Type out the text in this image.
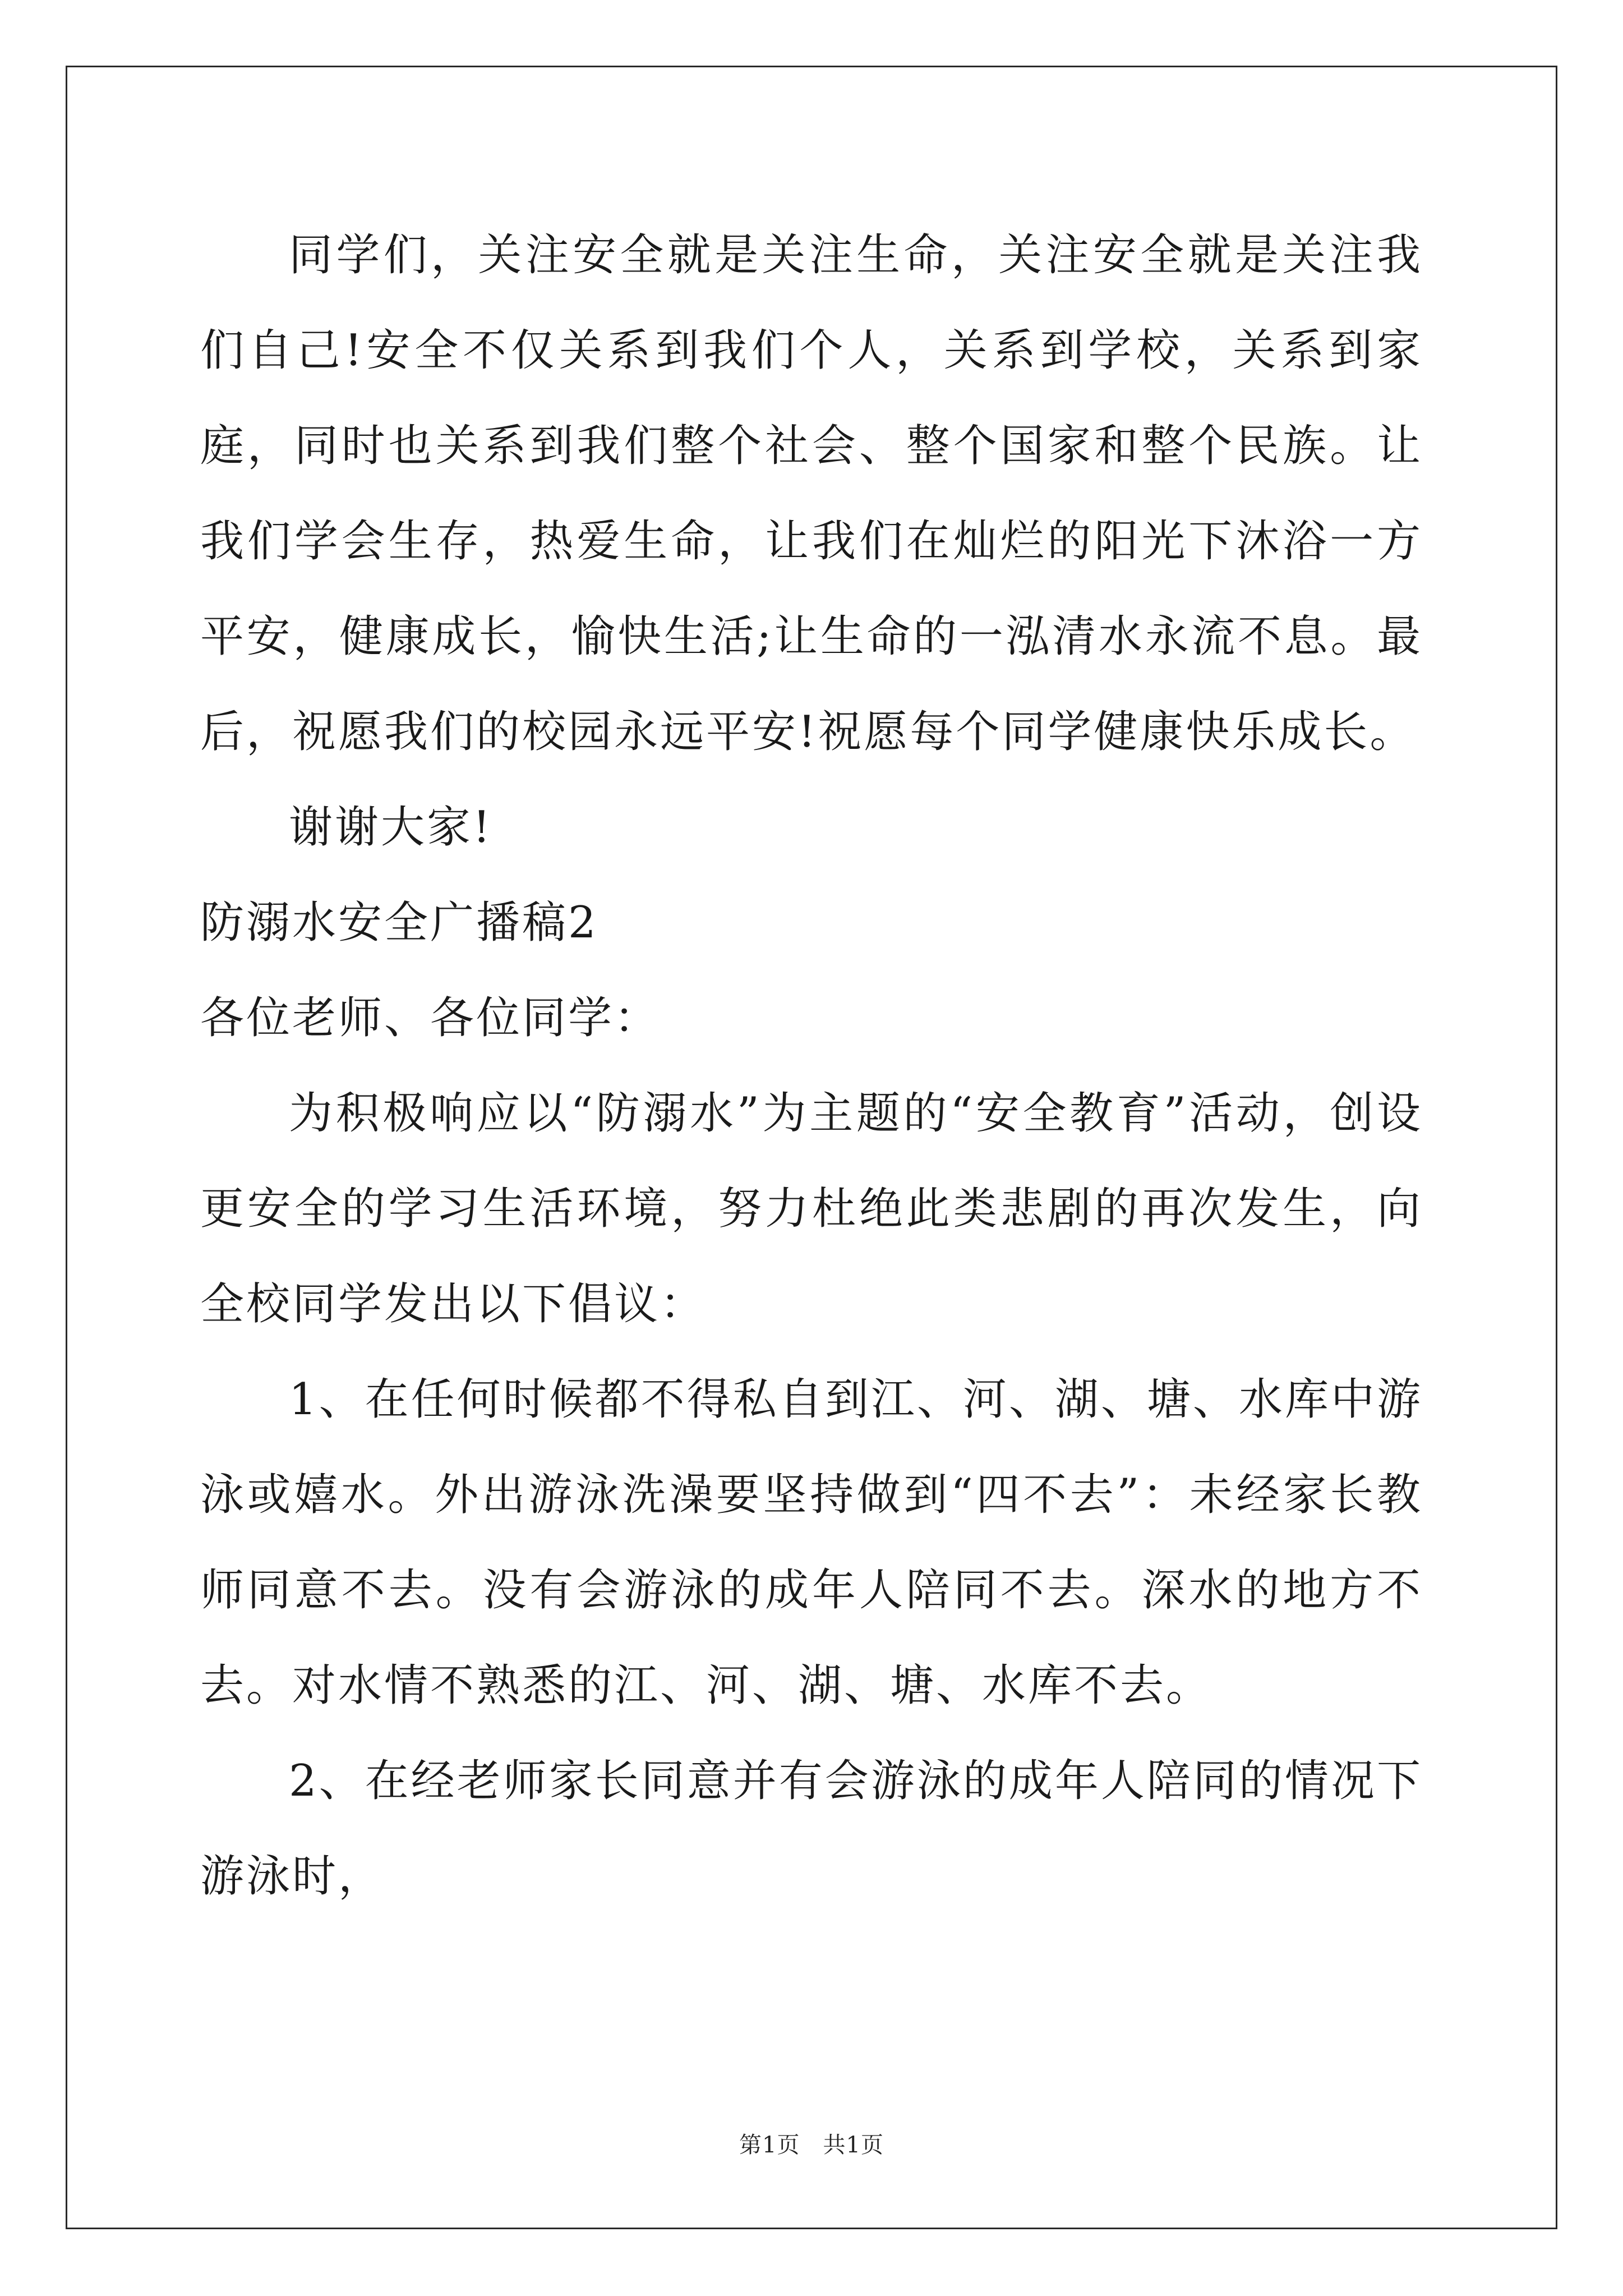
同学们，关注安全就是关注生命，关注安全就是关注我们自己!安全不仅关系到我们个人，关系到学校，关系到家庭，同时也关系到我们整个社会、整个国家和整个民族。让我们学会生存，热爱生命，让我们在灿烂的阳光下沐浴一方平安，健康成长，愉快生活;让生命的一泓清水永流不息。最后，祝愿我们的校园永远平安!祝愿每个同学健康快乐成长。

谢谢大家!

防溺水安全广播稿2

各位老师、各位同学：

为积极响应以“防溺水”为主题的“安全教育”活动，创设更安全的学习生活环境，努力杜绝此类悲剧的再次发生，向全校同学发出以下倡议：

1、在任何时候都不得私自到江、河、湖、塘、水库中游泳或嬉水。外出游泳洗澡要坚持做到“四不去”：未经家长教师同意不去。没有会游泳的成年人陪同不去。深水的地方不去。对水情不熟悉的江、河、湖、塘、水库不去。

2、在经老师家长同意并有会游泳的成年人陪同的情况下游泳时，

第1页　共1页
